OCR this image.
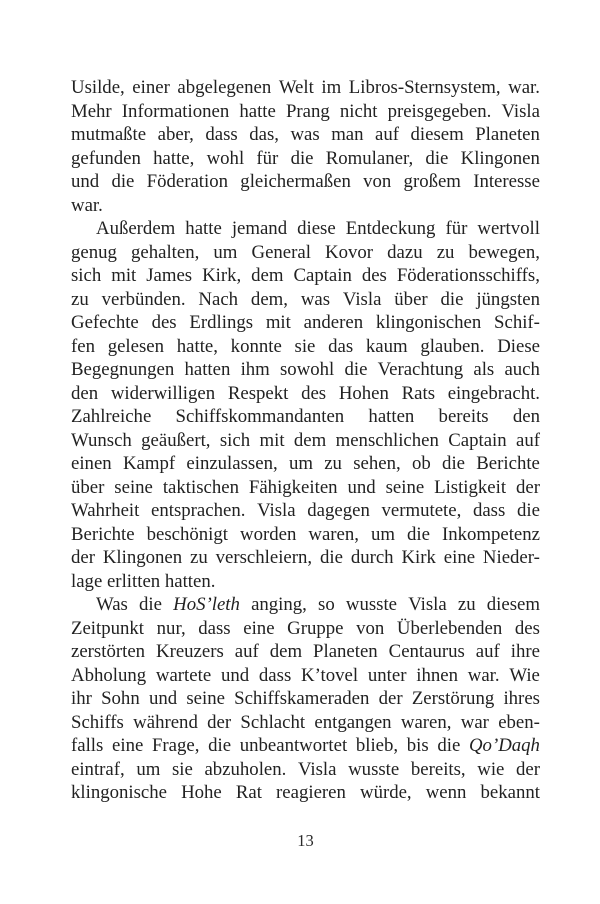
Usilde, einer abgelegenen Welt im Libros-Sternsystem, war.
Mehr Informationen hatte Prang nicht preisgegeben. Visla
mutmaßte aber, dass das, was man auf diesem Planeten
gefunden hatte, wohl für die Romulaner, die Klingonen
und die Föderation gleichermaßen von großem Interesse
war.
Außerdem hatte jemand diese Entdeckung für wertvoll
genug gehalten, um General Kovor dazu zu bewegen,
sich mit James Kirk, dem Captain des Föderationsschiffs,
zu verbünden. Nach dem, was Visla über die jüngsten
Gefechte des Erdlings mit anderen klingonischen Schif-
fen gelesen hatte, konnte sie das kaum glauben. Diese
Begegnungen hatten ihm sowohl die Verachtung als auch
den widerwilligen Respekt des Hohen Rats eingebracht.
Zahlreiche Schiffskommandanten hatten bereits den
Wunsch geäußert, sich mit dem menschlichen Captain auf
einen Kampf einzulassen, um zu sehen, ob die Berichte
über seine taktischen Fähigkeiten und seine Listigkeit der
Wahrheit entsprachen. Visla dagegen vermutete, dass die
Berichte beschönigt worden waren, um die Inkompetenz
der Klingonen zu verschleiern, die durch Kirk eine Nieder-
lage erlitten hatten.
Was die HoS’leth anging, so wusste Visla zu diesem
Zeitpunkt nur, dass eine Gruppe von Überlebenden des
zerstörten Kreuzers auf dem Planeten Centaurus auf ihre
Abholung wartete und dass K’tovel unter ihnen war. Wie
ihr Sohn und seine Schiffskameraden der Zerstörung ihres
Schiffs während der Schlacht entgangen waren, war eben-
falls eine Frage, die unbeantwortet blieb, bis die Qo’Daqh
eintraf, um sie abzuholen. Visla wusste bereits, wie der
klingonische Hohe Rat reagieren würde, wenn bekannt
13
